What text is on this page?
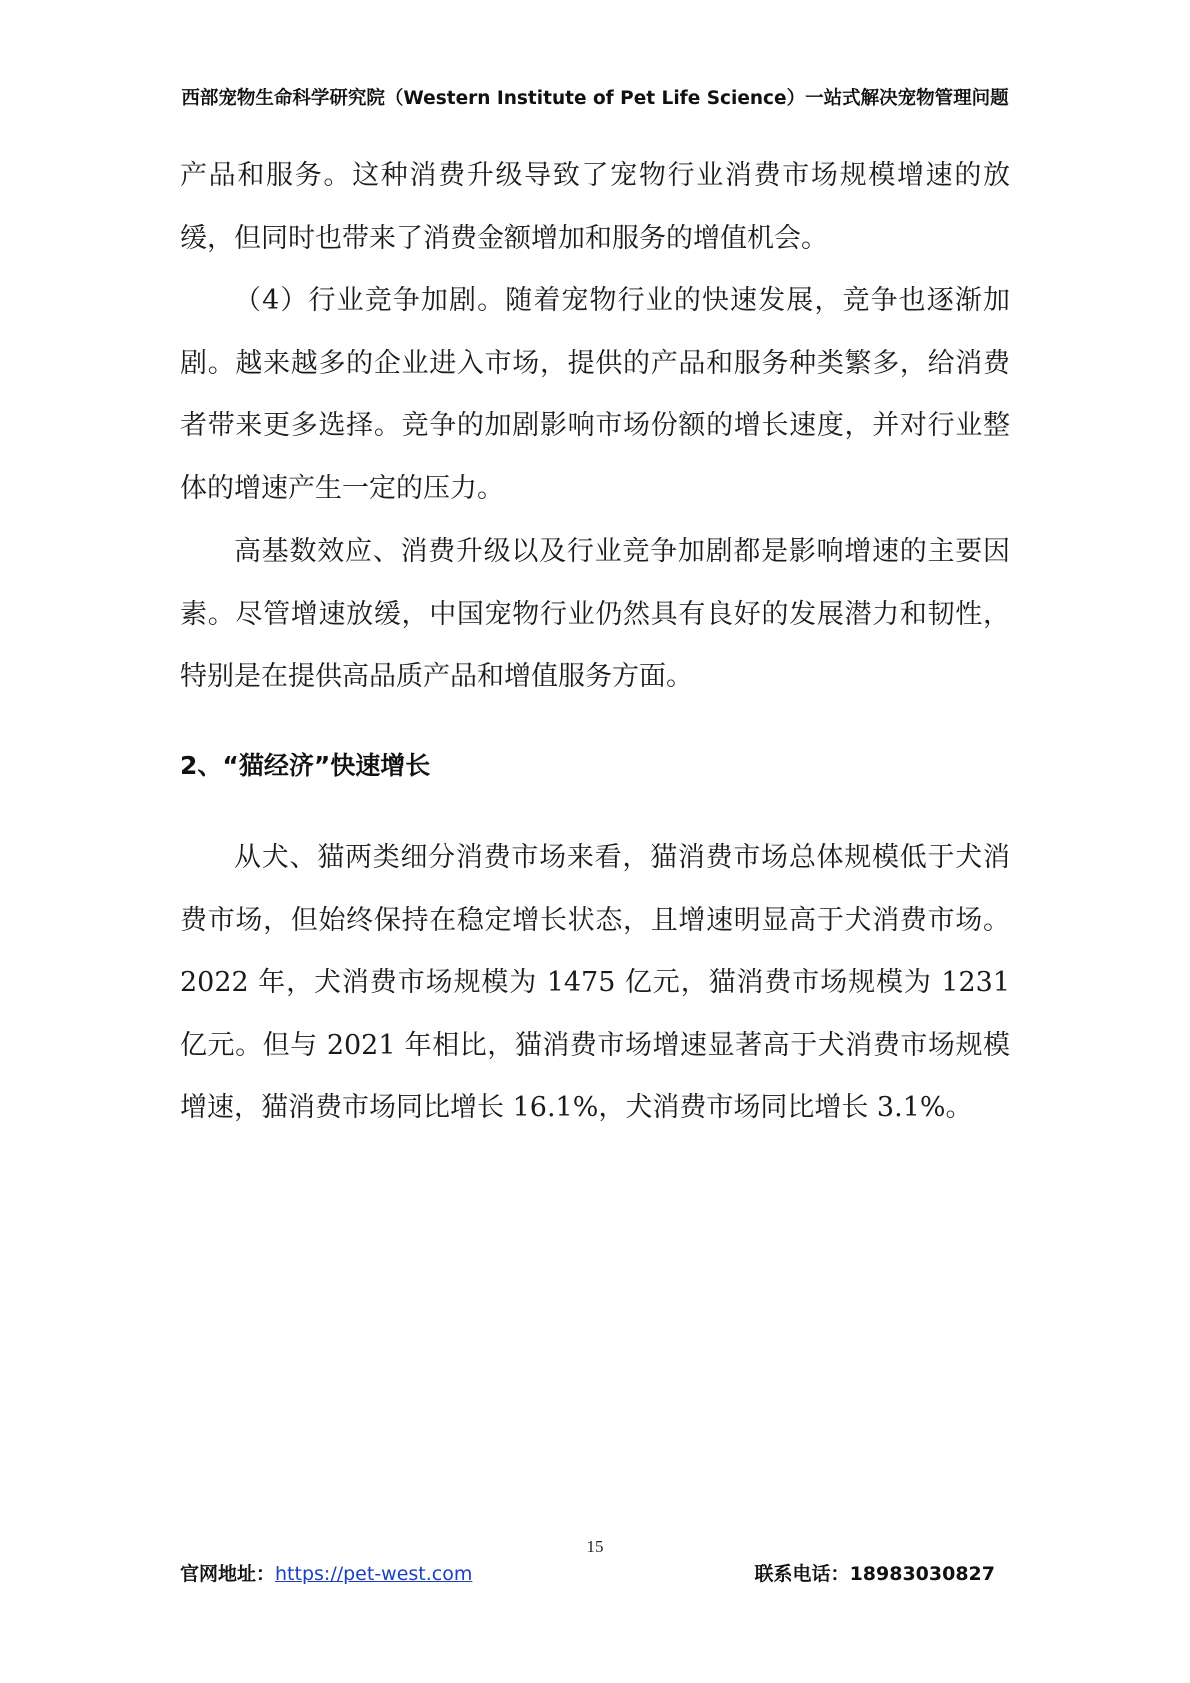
西部宠物生命科学研究院（Western Institute of Pet Life Science）一站式解决宠物管理问题

产品和服务。这种消费升级导致了宠物行业消费市场规模增速的放缓，但同时也带来了消费金额增加和服务的增值机会。

（4）行业竞争加剧。随着宠物行业的快速发展，竞争也逐渐加剧。越来越多的企业进入市场，提供的产品和服务种类繁多，给消费者带来更多选择。竞争的加剧影响市场份额的增长速度，并对行业整体的增速产生一定的压力。

高基数效应、消费升级以及行业竞争加剧都是影响增速的主要因素。尽管增速放缓，中国宠物行业仍然具有良好的发展潜力和韧性，特别是在提供高品质产品和增值服务方面。

2、“猫经济”快速增长

从犬、猫两类细分消费市场来看，猫消费市场总体规模低于犬消费市场，但始终保持在稳定增长状态，且增速明显高于犬消费市场。2022 年，犬消费市场规模为 1475 亿元，猫消费市场规模为 1231 亿元。但与 2021 年相比，猫消费市场增速显著高于犬消费市场规模增速，猫消费市场同比增长 16.1%，犬消费市场同比增长 3.1%。

15
官网地址：https://pet-west.com	联系电话：18983030827
